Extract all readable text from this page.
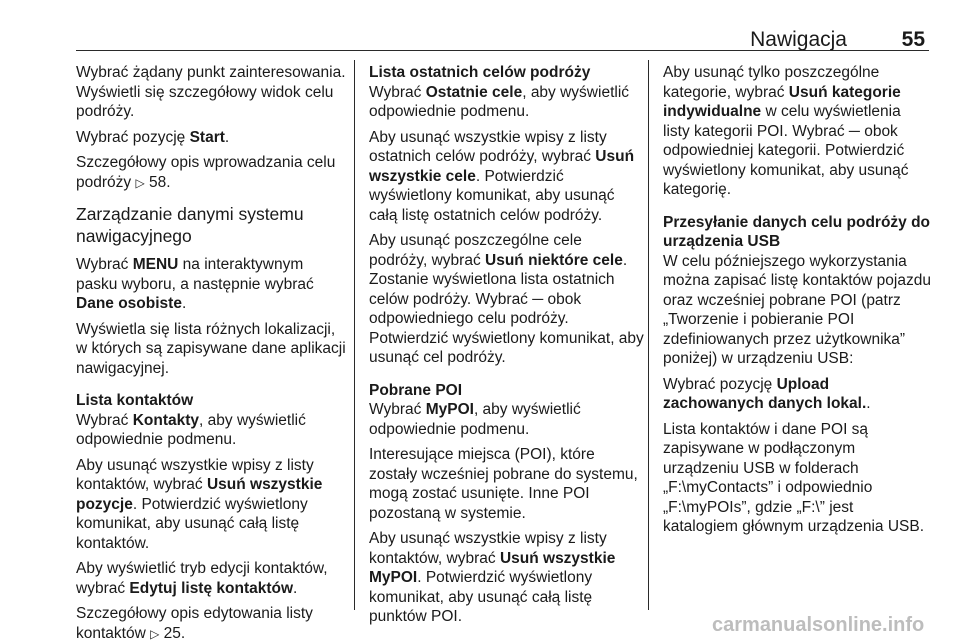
Nawigacja	55

Wybrać żądany punkt zainteresowania. Wyświetli się szczegółowy widok celu podróży.

Wybrać pozycję Start.

Szczegółowy opis wprowadzania celu podróży ▷ 58.

Zarządzanie danymi systemu nawigacyjnego

Wybrać MENU na interaktywnym pasku wyboru, a następnie wybrać Dane osobiste.

Wyświetla się lista różnych lokalizacji, w których są zapisywane dane aplikacji nawigacyjnej.

Lista kontaktów

Wybrać Kontakty, aby wyświetlić odpowiednie podmenu.

Aby usunąć wszystkie wpisy z listy kontaktów, wybrać Usuń wszystkie pozycje. Potwierdzić wyświetlony komunikat, aby usunąć całą listę kontaktów.

Aby wyświetlić tryb edycji kontaktów, wybrać Edytuj listę kontaktów.

Szczegółowy opis edytowania listy kontaktów ▷ 25.

Lista ostatnich celów podróży

Wybrać Ostatnie cele, aby wyświetlić odpowiednie podmenu.

Aby usunąć wszystkie wpisy z listy ostatnich celów podróży, wybrać Usuń wszystkie cele. Potwierdzić wyświetlony komunikat, aby usunąć całą listę ostatnich celów podróży.

Aby usunąć poszczególne cele podróży, wybrać Usuń niektóre cele. Zostanie wyświetlona lista ostatnich celów podróży. Wybrać ─ obok odpowiedniego celu podróży. Potwierdzić wyświetlony komunikat, aby usunąć cel podróży.

Pobrane POI

Wybrać MyPOI, aby wyświetlić odpowiednie podmenu.

Interesujące miejsca (POI), które zostały wcześniej pobrane do systemu, mogą zostać usunięte. Inne POI pozostaną w systemie.

Aby usunąć wszystkie wpisy z listy kontaktów, wybrać Usuń wszystkie MyPOI. Potwierdzić wyświetlony komunikat, aby usunąć całą listę punktów POI.

Aby usunąć tylko poszczególne kategorie, wybrać Usuń kategorie indywidualne w celu wyświetlenia listy kategorii POI. Wybrać ─ obok odpowiedniej kategorii. Potwierdzić wyświetlony komunikat, aby usunąć kategorię.

Przesyłanie danych celu podróży do urządzenia USB

W celu późniejszego wykorzystania można zapisać listę kontaktów pojazdu oraz wcześniej pobrane POI (patrz „Tworzenie i pobieranie POI zdefiniowanych przez użytkownika” poniżej) w urządzeniu USB:

Wybrać pozycję Upload zachowanych danych lokal..

Lista kontaktów i dane POI są zapisywane w podłączonym urządzeniu USB w folderach „F:\myContacts” i odpowiednio „F:\myPOIs”, gdzie „F:\” jest katalogiem głównym urządzenia USB.

carmanualsonline.info
